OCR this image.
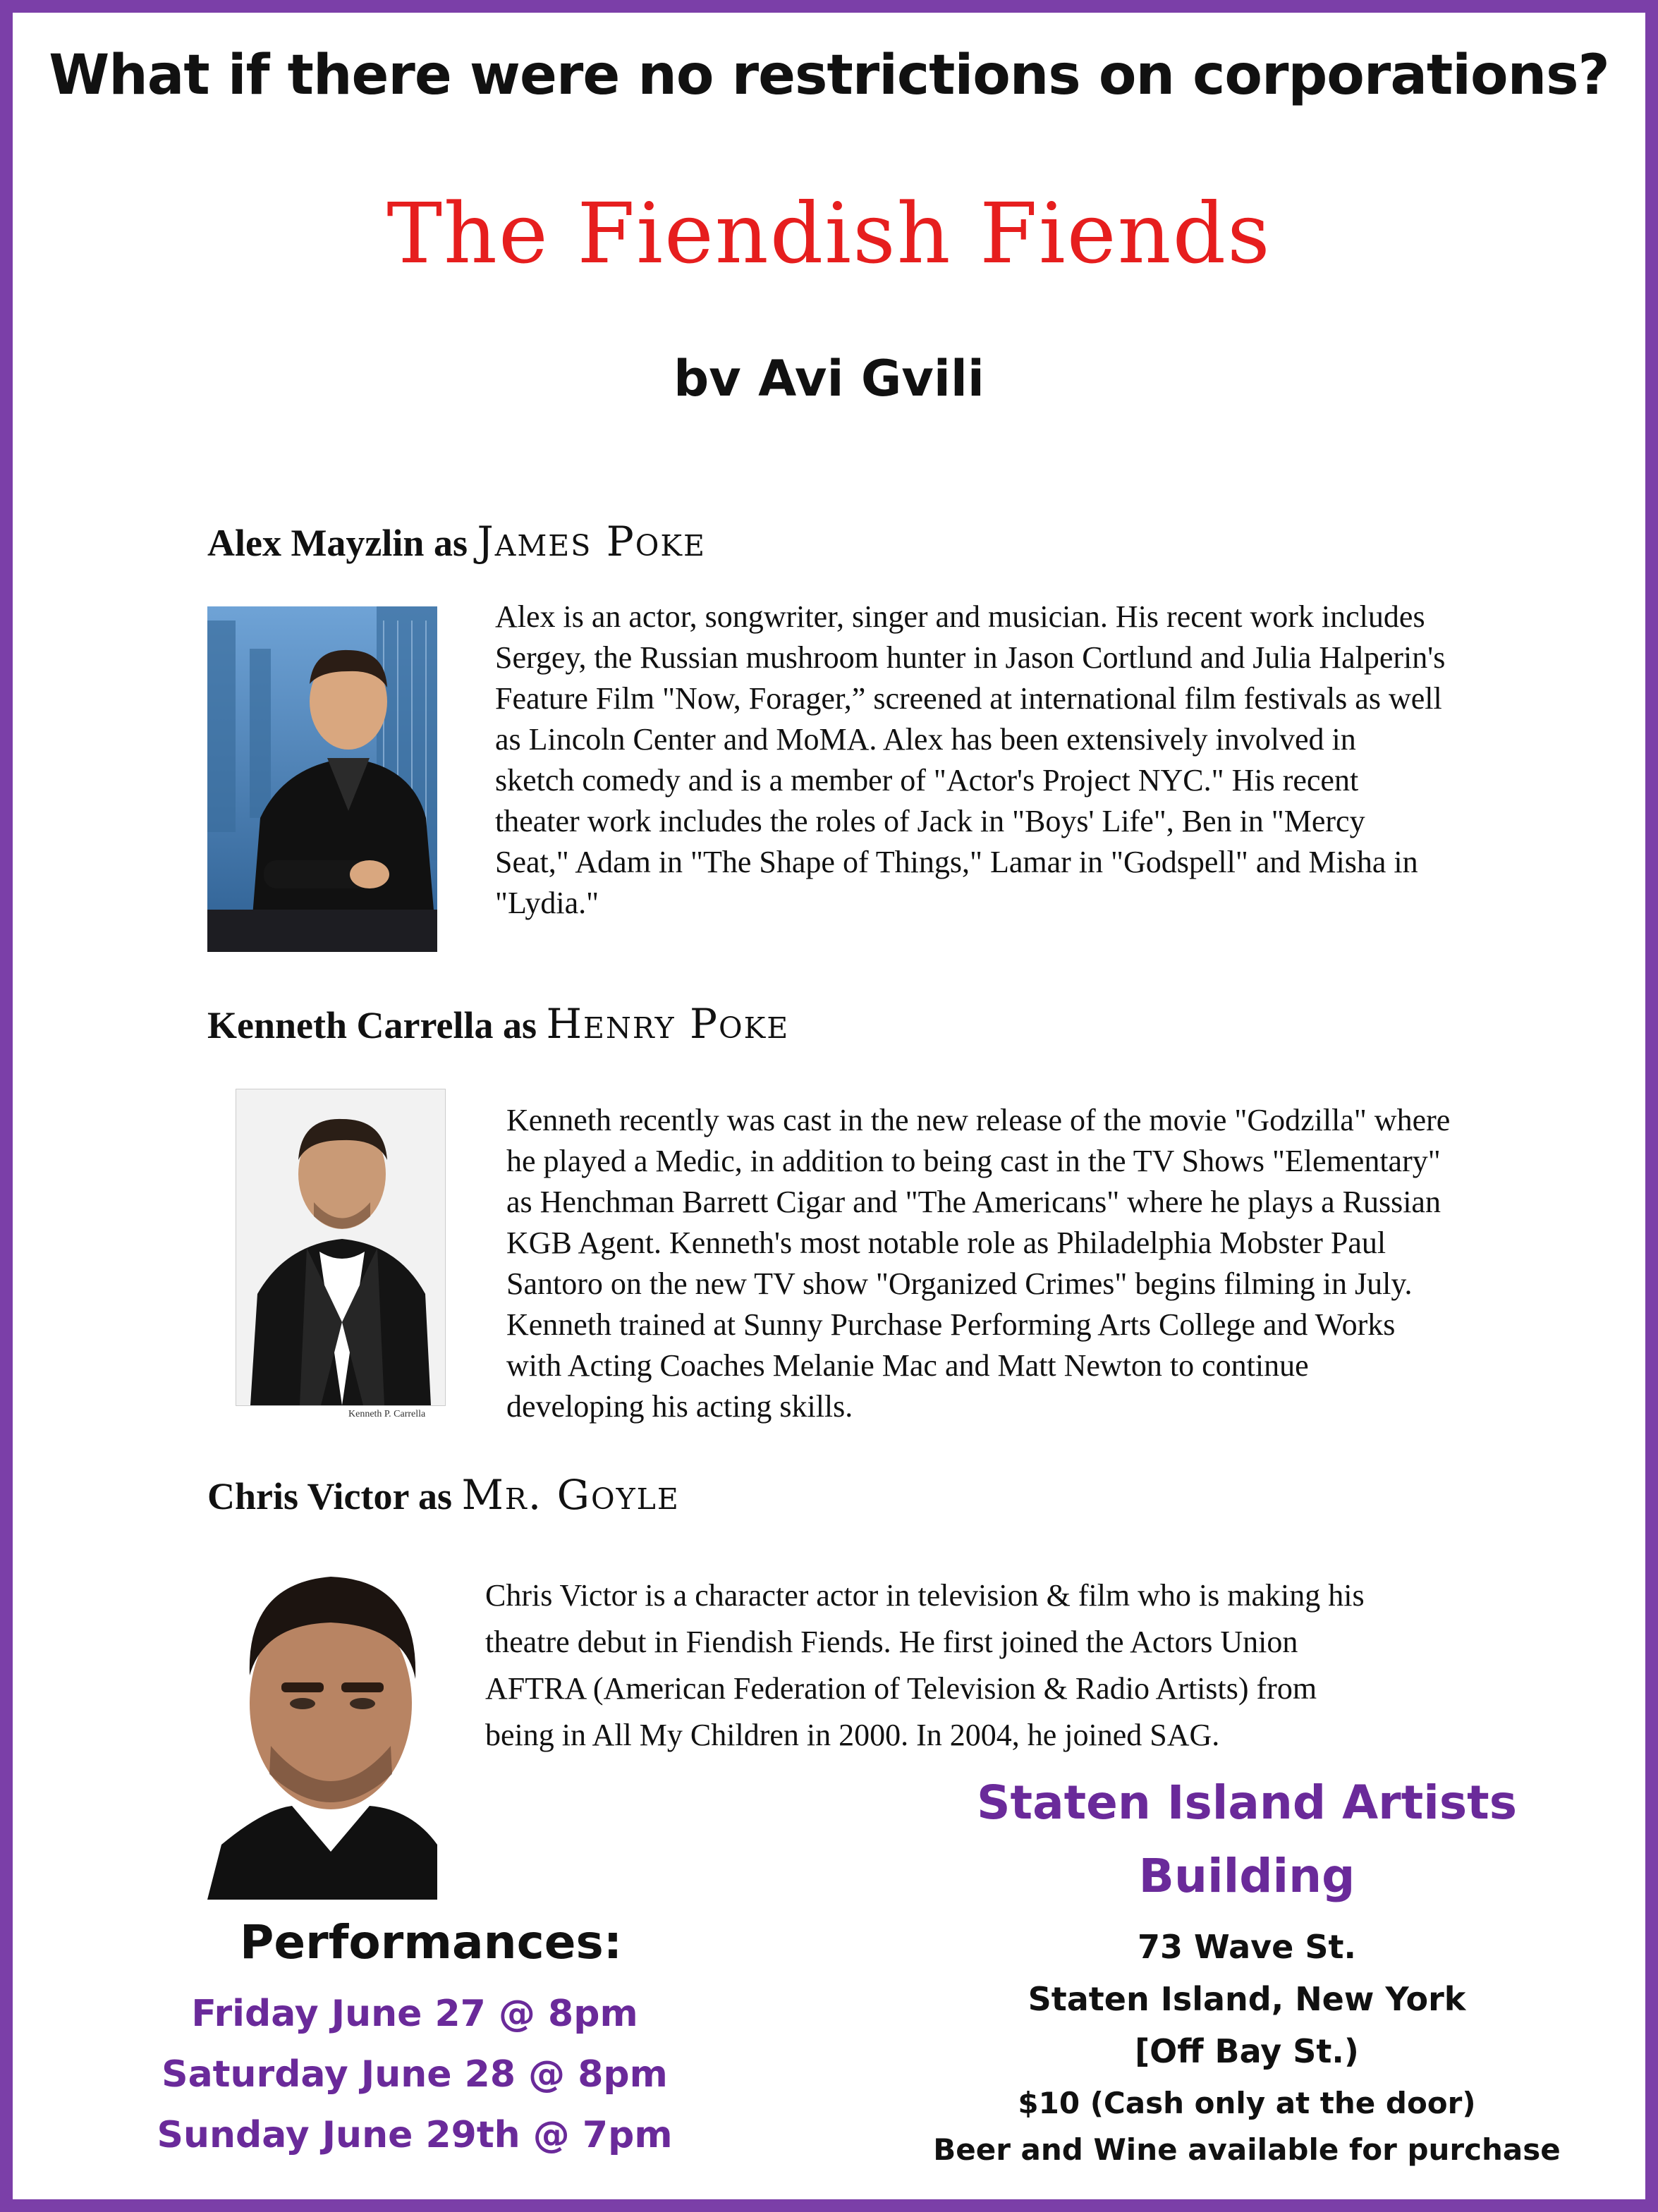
What if there were no restrictions on corporations?
The Fiendish Fiends
bv Avi Gvili
Alex Mayzlin as James Poke
Alex is an actor, songwriter, singer and musician. His recent work includes
Sergey, the Russian mushroom hunter in Jason Cortlund and Julia Halperin's
Feature Film "Now, Forager,” screened at international film festivals as well
as Lincoln Center and MoMA. Alex has been extensively involved in
sketch comedy and is a member of "Actor's Project NYC." His recent
theater work includes the roles of Jack in "Boys' Life", Ben in "Mercy
Seat," Adam in "The Shape of Things," Lamar in "Godspell" and Misha in
"Lydia."
Kenneth Carrella as Henry Poke
Kenneth P. Carrella
Kenneth recently was cast in the new release of the movie "Godzilla" where
he played a Medic, in addition to being cast in the TV Shows "Elementary"
as Henchman Barrett Cigar and "The Americans" where he plays a Russian
KGB Agent. Kenneth's most notable role as Philadelphia Mobster Paul
Santoro on the new TV show "Organized Crimes" begins filming in July.
Kenneth trained at Sunny Purchase Performing Arts College and Works
with Acting Coaches Melanie Mac and Matt Newton to continue
developing his acting skills.
Chris Victor as Mr. Goyle
Chris Victor is a character actor in television & film who is making his
theatre debut in Fiendish Fiends. He first joined the Actors Union
AFTRA (American Federation of Television & Radio Artists) from
being in All My Children in 2000. In 2004, he joined SAG.
Performances:
Friday June 27 @ 8pm
Saturday June 28 @ 8pm
Sunday June 29th @ 7pm
Staten Island Artists
Building
73 Wave St.
Staten Island, New York
[Off Bay St.)
$10 (Cash only at the door)
Beer and Wine available for purchase
